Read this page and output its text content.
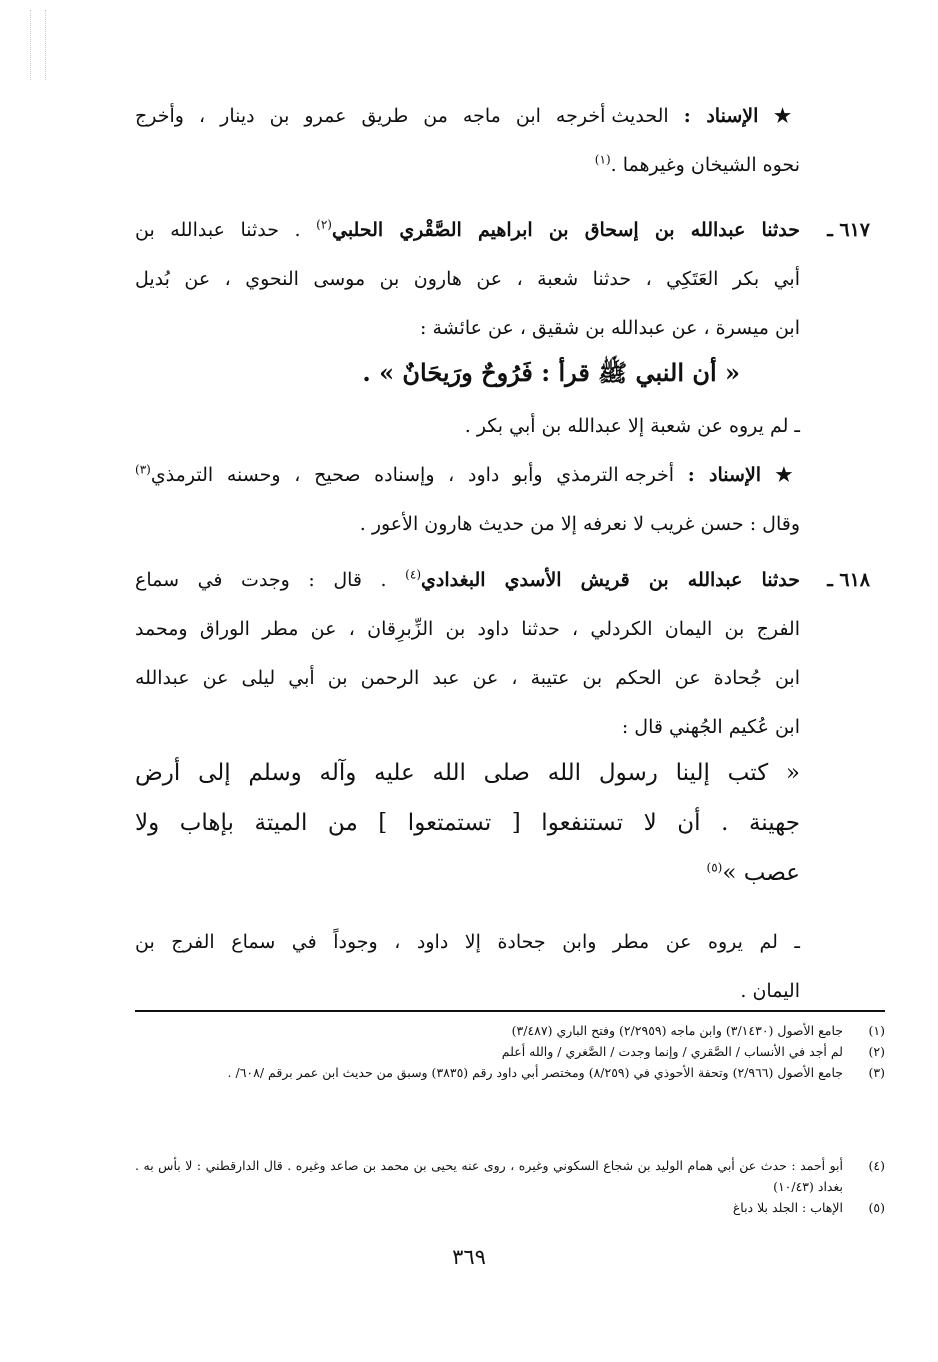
★ الإسناد : الحديث أخرجه ابن ماجه من طريق عمرو بن دينار ، وأخرج
نحوه الشيخان وغيرهما .$^{(١)}$
٦١٧ ـ
حدثنا عبدالله بن إسحاق بن ابراهيم الصَّقْري الحلبي$^{(٢)}$ . حدثنا عبدالله بن
أبي بكر العَتَكِي ، حدثنا شعبة ، عن هارون بن موسى النحوي ، عن بُديل
ابن ميسرة ، عن عبدالله بن شقيق ، عن عائشة :
« أن النبي ﷺ قرأ : فَرُوحٌ ورَيحَانٌ » .
ـ لم يروه عن شعبة إلا عبدالله بن أبي بكر .
★ الإسناد : أخرجه الترمذي وأبو داود ، وإسناده صحيح ، وحسنه الترمذي$^{(٣)}$
وقال : حسن غريب لا نعرفه إلا من حديث هارون الأعور .
٦١٨ ـ
حدثنا عبدالله بن قريش الأسدي البغدادي$^{(٤)}$ . قال : وجدت في سماع
الفرج بن اليمان الكردلي ، حدثنا داود بن الزِّبرِقان ، عن مطر الوراق ومحمد
ابن جُحادة عن الحكم بن عتيبة ، عن عبد الرحمن بن أبي ليلى عن عبدالله
ابن عُكيم الجُهني قال :
« كتب إلينا رسول الله صلى الله عليه وآله وسلم إلى أرض
جهينة . أن لا تستنفعوا [ تستمتعوا ] من الميتة بإهاب ولا
عصب »$^{(٥)}$
ـ لم يروه عن مطر وابن جحادة إلا داود ، وجوداً في سماع الفرج بن
اليمان .
(١)
جامع الأصول (٣/١٤٣٠) وابن ماجه (٢/٢٩٥٩) وفتح الباري (٣/٤٨٧)
(٢)
لم أجد في الأنساب / الصَّقري / وإنما وجدت / الصَّغري / والله أعلم
(٣)
جامع الأصول (٢/٩٦٦) وتحفة الأحوذي في (٨/٢٥٩) ومختصر أبي داود رقم (٣٨٣٥) وسبق من حديث ابن عمر برقم /٦٠٨/ .
(٤)
أبو أحمد : حدث عن أبي همام الوليد بن شجاع السكوني وغيره ، روى عنه يحيى بن محمد بن صاعد وغيره . قال الدارقطني : لا بأس به . بغداد (١٠/٤٣)
(٥)
الإهاب : الجلد بلا دباغ
٣٦٩
